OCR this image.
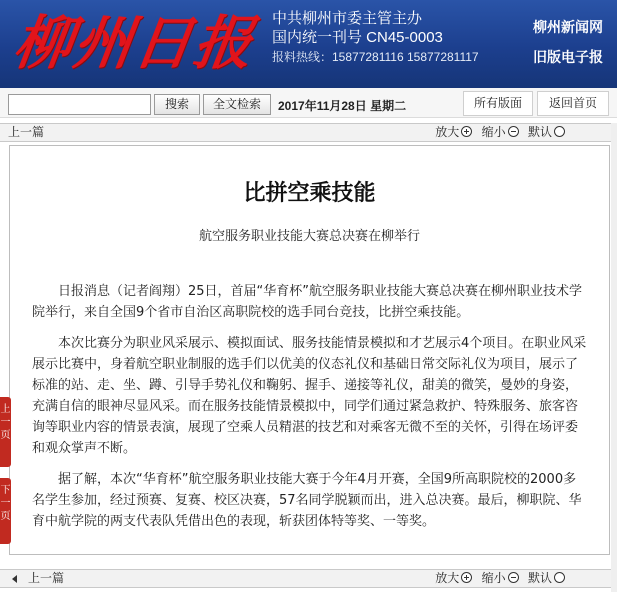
柳州日报 中共柳州市委主管主办
国内统一刊号 CN45-0003
报料热线：15877281116 15877281117
柳州新闻网
旧版电子报
搜索	全文检索	2017年11月28日 星期二	所有版面	返回首页
上一篇	放大 缩小 默认
比拼空乘技能
航空服务职业技能大赛总决赛在柳举行

日报消息（记者阎翔）25日，首届“华育杯”航空服务职业技能大赛总决赛在柳州职业技术学院举行，来自全国9个省市自治区高职院校的选手同台竞技，比拼空乘技能。

本次比赛分为职业风采展示、模拟面试、服务技能情景模拟和才艺展示4个项目。在职业风采展示比赛中，身着航空职业制服的选手们以优美的仪态礼仪和基础日常交际礼仪为项目，展示了标准的站、走、坐、蹲、引导手势礼仪和鞠躬、握手、递接等礼仪，甜美的微笑，曼妙的身姿，充满自信的眼神尽显风采。而在服务技能情景模拟中，同学们通过紧急救护、特殊服务、旅客咨询等职业内容的情景表演，展现了空乘人员精湛的技艺和对乘客无微不至的关怀，引得在场评委和观众掌声不断。

据了解，本次“华育杯”航空服务职业技能大赛于今年4月开赛，全国9所高职院校的2000多名学生参加，经过预赛、复赛、校区决赛，57名同学脱颖而出，进入总决赛。最后，柳职院、华育中航学院的两支代表队凭借出色的表现，斩获团体特等奖、一等奖。

上
一
页
下
一
页
上一篇	放大 缩小 默认
